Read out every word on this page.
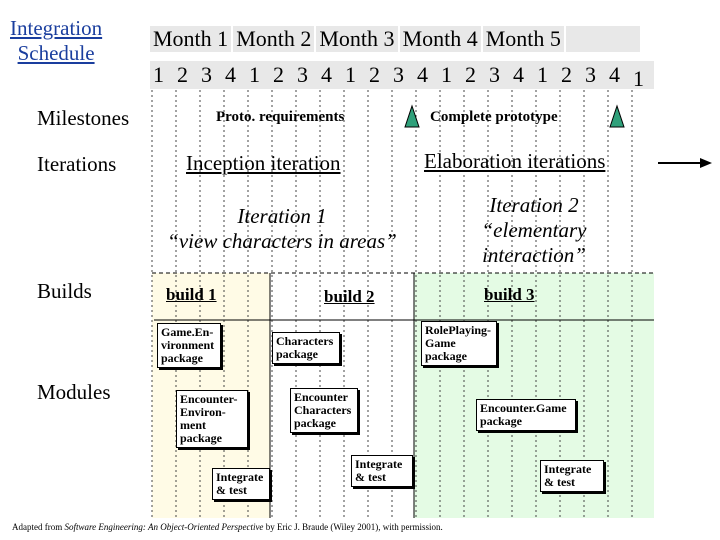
Integration
Schedule
Month 1 Month 2 Month 3 Month 4 Month 5
1 2 3 4 1 2 3 4 1 2 3 4 1 2 3 4 1 2 3 4 1
Milestones
Iterations
Builds
Modules
Proto. requirements	Complete prototype
Inception iteration	Elaboration iterations
Iteration 1
“view characters in areas”
Iteration 2
“elementary
interaction”
build 1	build 2	build 3
Game.En-
vironment
package
Characters
package
RolePlaying-
Game
package
Encounter-
Environ-
ment
package
Encounter
Characters
package
Encounter.Game
package
Integrate
& test
Integrate
& test
Integrate
& test
Adapted from Software Engineering: An Object-Oriented Perspective by Eric J. Braude (Wiley 2001), with permission.
